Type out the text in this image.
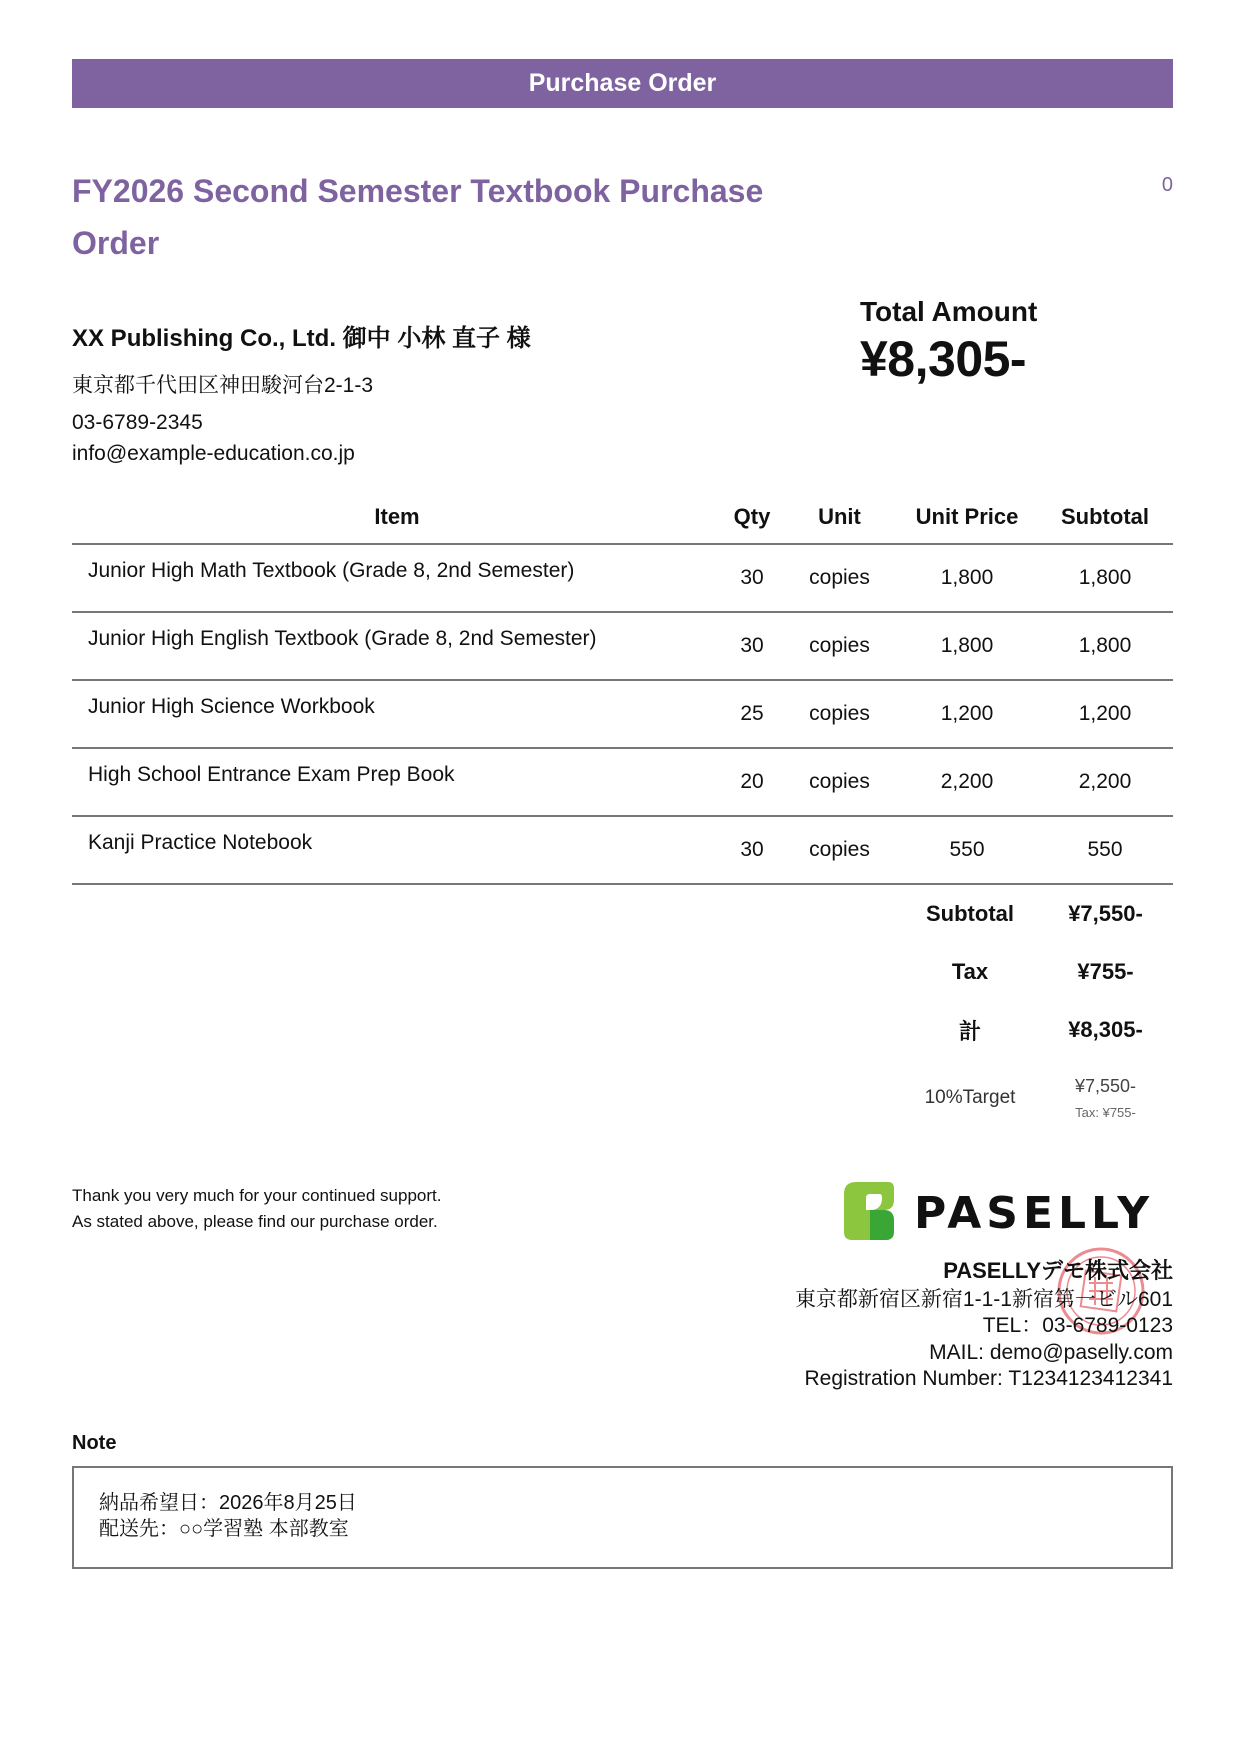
Purchase Order
FY2026 Second Semester Textbook Purchase Order
0
XX Publishing Co., Ltd. 御中 小林 直子 様
東京都千代田区神田駿河台2-1-3
03-6789-2345
info@example-education.co.jp
Total Amount
¥8,305-
Item	Qty	Unit	Unit Price	Subtotal
Junior High Math Textbook (Grade 8, 2nd Semester)	30	copies	1,800	1,800
Junior High English Textbook (Grade 8, 2nd Semester)	30	copies	1,800	1,800
Junior High Science Workbook	25	copies	1,200	1,200
High School Entrance Exam Prep Book	20	copies	2,200	2,200
Kanji Practice Notebook	30	copies	550	550
Subtotal	¥7,550-
Tax	¥755-
計	¥8,305-
10%Target	¥7,550-
Tax: ¥755-
Thank you very much for your continued support.
As stated above, please find our purchase order.	PASELLY
PASELLYデモ株式会社
東京都新宿区新宿1-1-1新宿第一ビル601
TEL：03-6789-0123
MAIL: demo@paselly.com
Registration Number: T1234123412341
Note
納品希望日：2026年8月25日
配送先：○○学習塾 本部教室
